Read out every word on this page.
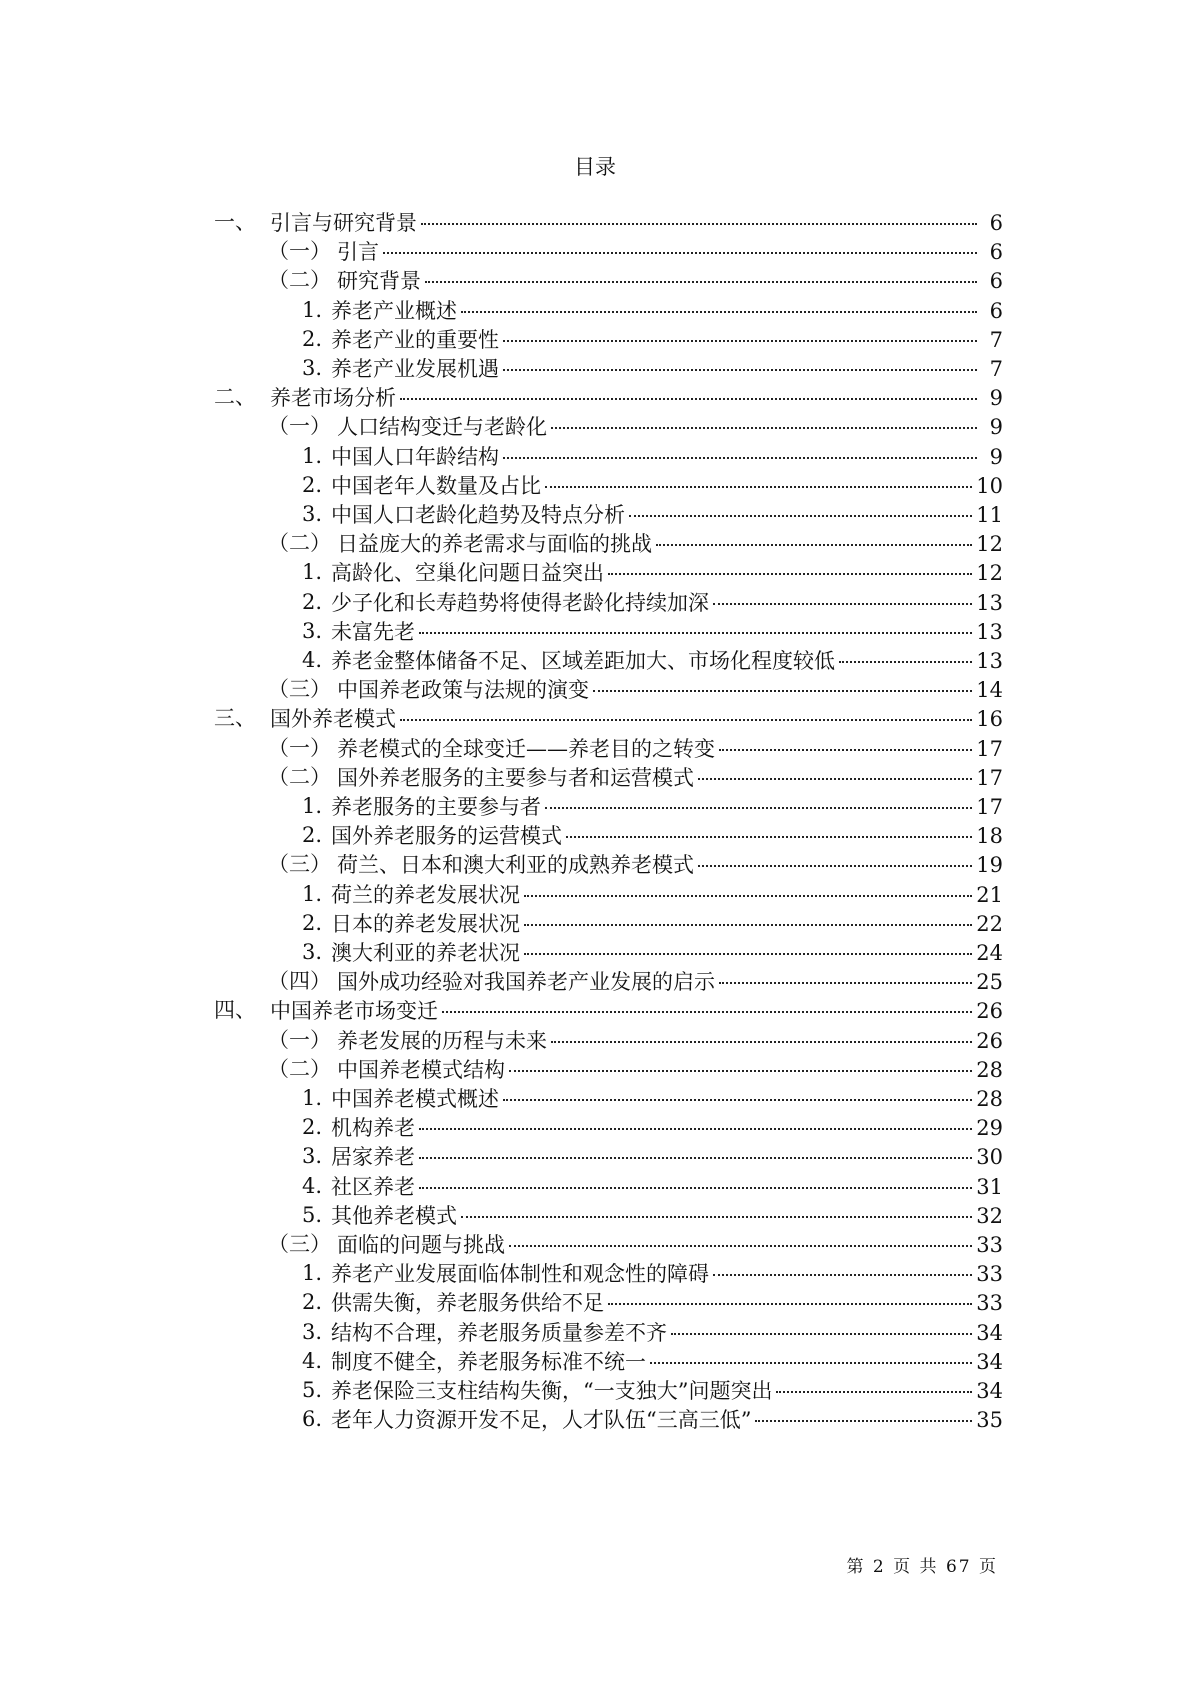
目录
一、 引言与研究背景	6
（一） 引言	6
（二） 研究背景	6
1. 养老产业概述	6
2. 养老产业的重要性	7
3. 养老产业发展机遇	7
二、 养老市场分析	9
（一） 人口结构变迁与老龄化	9
1. 中国人口年龄结构	9
2. 中国老年人数量及占比	10
3. 中国人口老龄化趋势及特点分析	11
（二） 日益庞大的养老需求与面临的挑战	12
1. 高龄化、空巢化问题日益突出	12
2. 少子化和长寿趋势将使得老龄化持续加深	13
3. 未富先老	13
4. 养老金整体储备不足、区域差距加大、市场化程度较低	13
（三） 中国养老政策与法规的演变	14
三、 国外养老模式	16
（一） 养老模式的全球变迁——养老目的之转变	17
（二） 国外养老服务的主要参与者和运营模式	17
1. 养老服务的主要参与者	17
2. 国外养老服务的运营模式	18
（三） 荷兰、日本和澳大利亚的成熟养老模式	19
1. 荷兰的养老发展状况	21
2. 日本的养老发展状况	22
3. 澳大利亚的养老状况	24
（四） 国外成功经验对我国养老产业发展的启示	25
四、 中国养老市场变迁	26
（一） 养老发展的历程与未来	26
（二） 中国养老模式结构	28
1. 中国养老模式概述	28
2. 机构养老	29
3. 居家养老	30
4. 社区养老	31
5. 其他养老模式	32
（三） 面临的问题与挑战	33
1. 养老产业发展面临体制性和观念性的障碍	33
2. 供需失衡，养老服务供给不足	33
3. 结构不合理，养老服务质量参差不齐	34
4. 制度不健全，养老服务标准不统一	34
5. 养老保险三支柱结构失衡，“一支独大”问题突出	34
6. 老年人力资源开发不足，人才队伍“三高三低”	35
第 2 页 共 67 页
